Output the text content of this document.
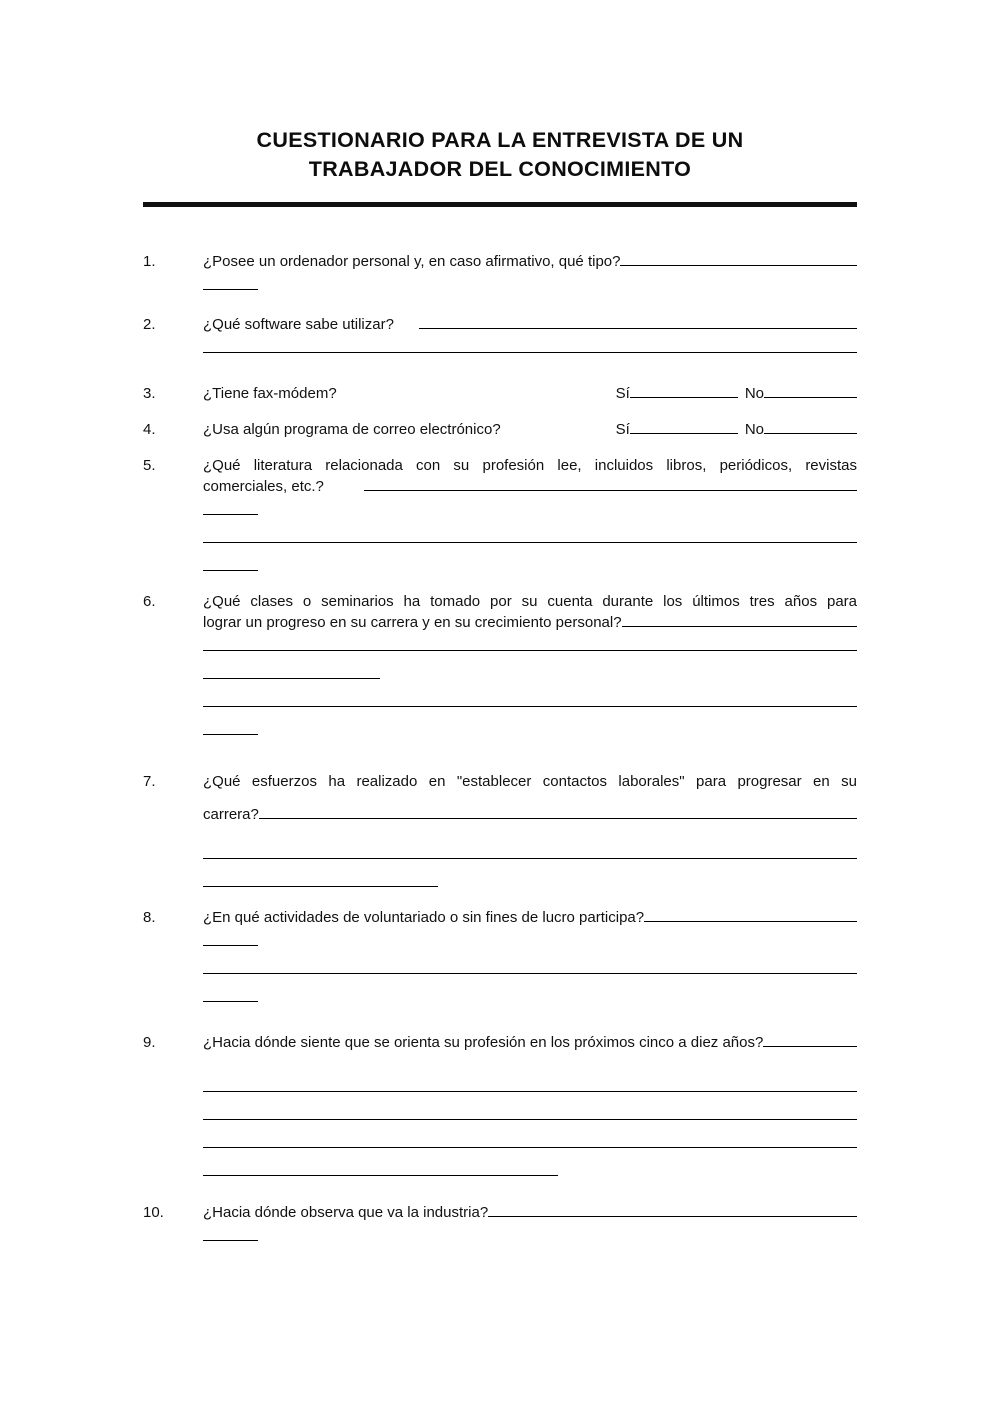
CUESTIONARIO PARA LA ENTREVISTA DE UN
TRABAJADOR DEL CONOCIMIENTO
1.	¿Posee un ordenador personal y, en caso afirmativo, qué tipo?
2.	¿Qué software sabe utilizar?
3.	¿Tiene fax-módem?	Sí	No
4.	¿Usa algún programa de correo electrónico?	Sí	No
5.	¿Qué literatura relacionada con su profesión lee, incluidos libros, periódicos, revistas
comerciales, etc.?
6.	¿Qué clases o seminarios ha tomado por su cuenta durante los últimos tres años para
lograr un progreso en su carrera y en su crecimiento personal?
7.	¿Qué esfuerzos ha realizado en "establecer contactos laborales" para progresar en su
carrera?
8.	¿En qué actividades de voluntariado o sin fines de lucro participa?
9.	¿Hacia dónde siente que se orienta su profesión en los próximos cinco a diez años?
10.	¿Hacia dónde observa que va la industria?
